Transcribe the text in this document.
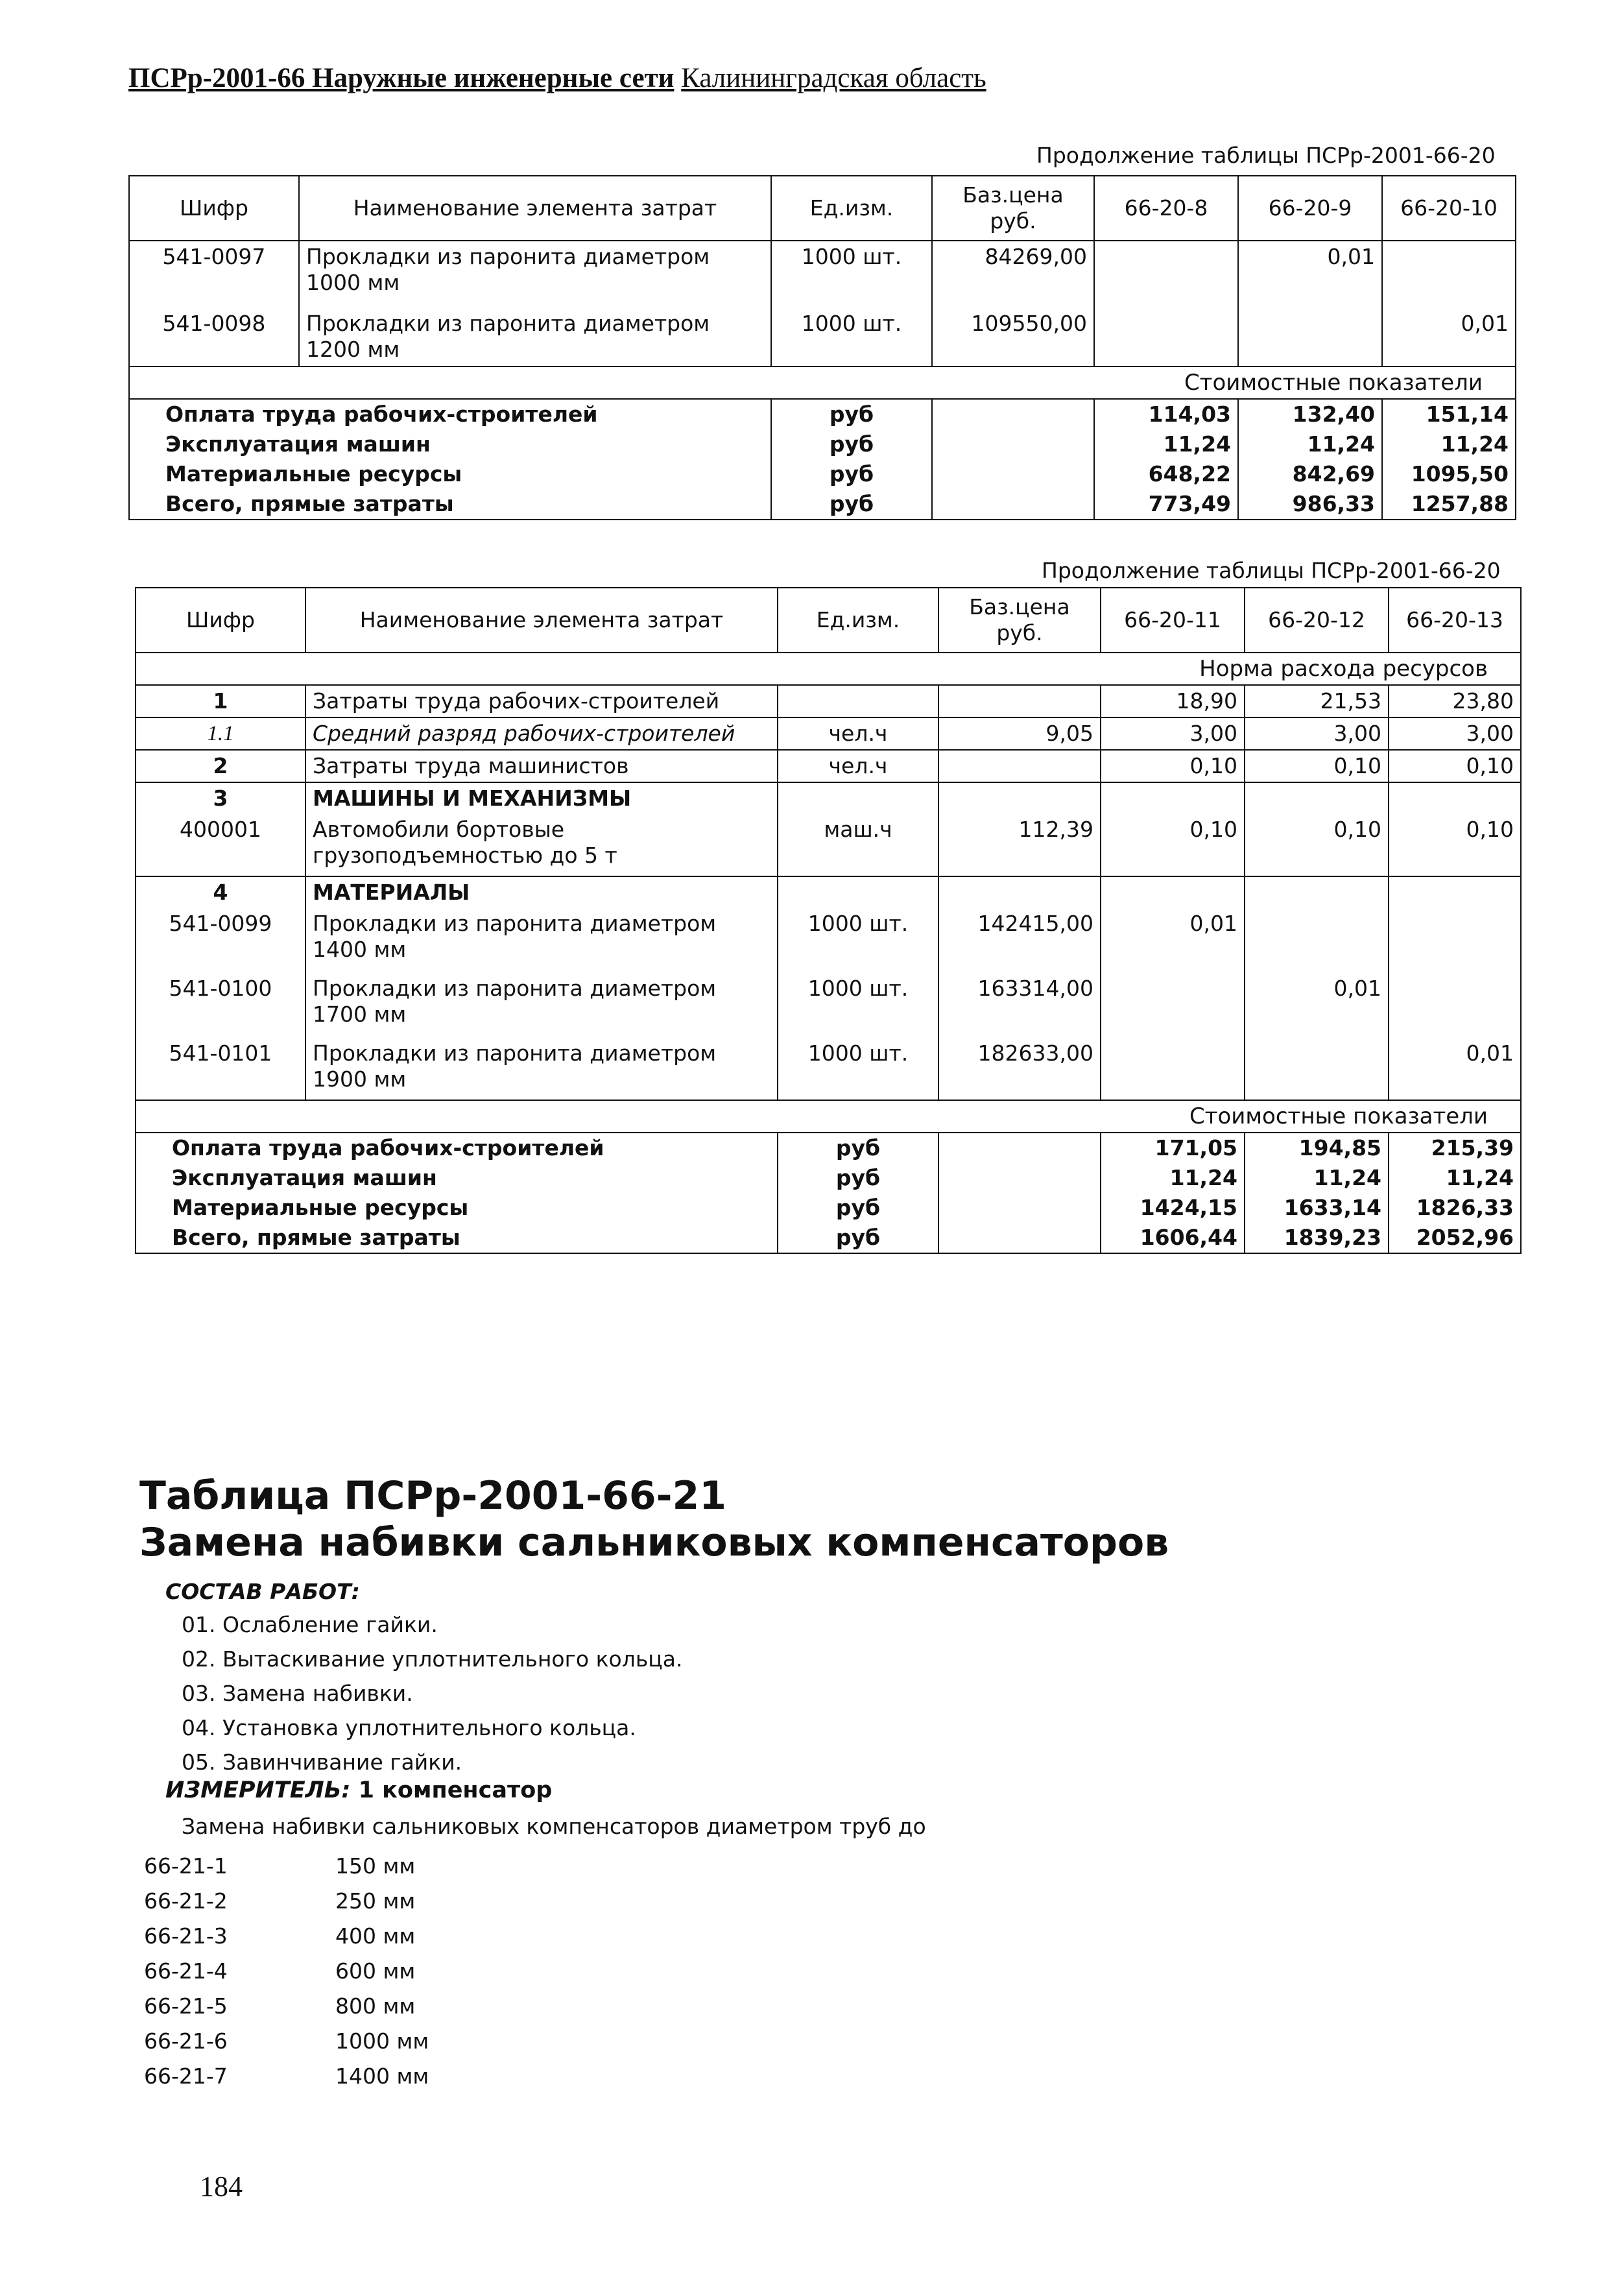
ПСРр-2001-66 Наружные инженерные сети Калининградская область
Продолжение таблицы ПСРр-2001-66-20
Шифр	Наименование элемента затрат	Ед.изм.	Баз.цена руб.	66-20-8	66-20-9	66-20-10
541-0097	Прокладки из паронита диаметром 1000 мм	1000 шт.	84269,00		0,01	
541-0098	Прокладки из паронита диаметром 1200 мм	1000 шт.	109550,00			0,01
Стоимостные показатели						
Оплата труда рабочих-строителей		руб		114,03	132,40	151,14
Эксплуатация машин		руб		11,24	11,24	11,24
Материальные ресурсы		руб		648,22	842,69	1095,50
Всего, прямые затраты		руб		773,49	986,33	1257,88
Продолжение таблицы ПСРр-2001-66-20
Шифр	Наименование элемента затрат	Ед.изм.	Баз.цена руб.	66-20-11	66-20-12	66-20-13
Норма расхода ресурсов						
1	Затраты труда рабочих-строителей			18,90	21,53	23,80
1.1	Средний разряд рабочих-строителей	чел.ч	9,05	3,00	3,00	3,00
2	Затраты труда машинистов	чел.ч		0,10	0,10	0,10
3	МАШИНЫ И МЕХАНИЗМЫ					
400001	Автомобили бортовые грузоподъемностью до 5 т	маш.ч	112,39	0,10	0,10	0,10
4	МАТЕРИАЛЫ					
541-0099	Прокладки из паронита диаметром 1400 мм	1000 шт.	142415,00	0,01		
541-0100	Прокладки из паронита диаметром 1700 мм	1000 шт.	163314,00		0,01	
541-0101	Прокладки из паронита диаметром 1900 мм	1000 шт.	182633,00			0,01
Стоимостные показатели						
Оплата труда рабочих-строителей		руб		171,05	194,85	215,39
Эксплуатация машин		руб		11,24	11,24	11,24
Материальные ресурсы		руб		1424,15	1633,14	1826,33
Всего, прямые затраты		руб		1606,44	1839,23	2052,96
Таблица ПСРр-2001-66-21
Замена набивки сальниковых компенсаторов
СОСТАВ РАБОТ:
01. Ослабление гайки.
02. Вытаскивание уплотнительного кольца.
03. Замена набивки.
04. Установка уплотнительного кольца.
05. Завинчивание гайки.
ИЗМЕРИТЕЛЬ: 1 компенсатор
Замена набивки сальниковых компенсаторов диаметром труб до
66-21-1	150 мм
66-21-2	250 мм
66-21-3	400 мм
66-21-4	600 мм
66-21-5	800 мм
66-21-6	1000 мм
66-21-7	1400 мм
184
